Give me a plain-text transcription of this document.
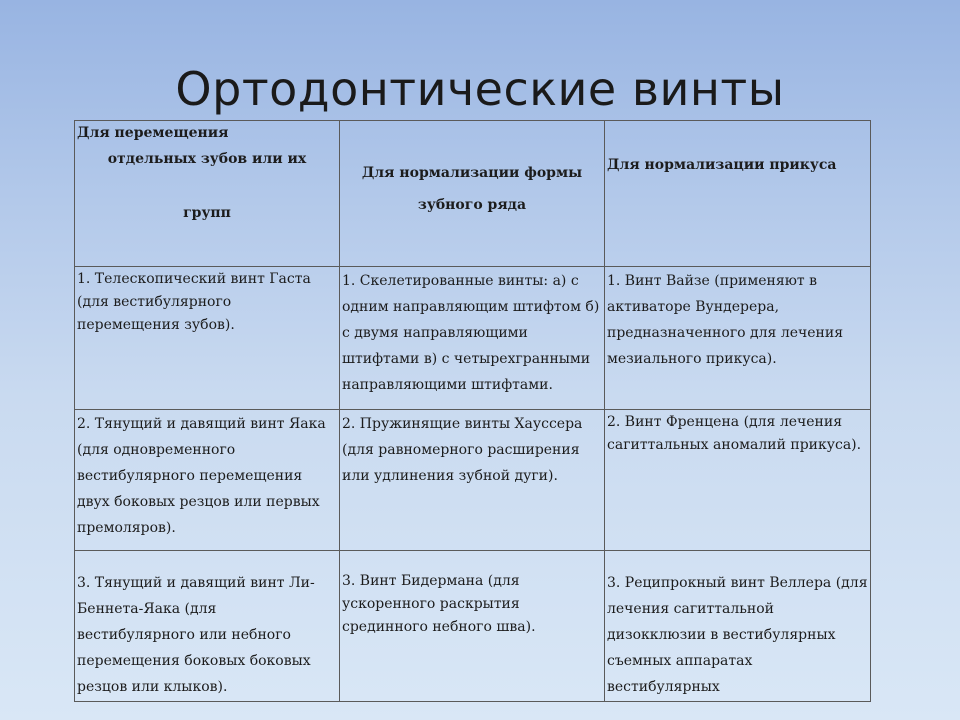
Ортодонтические винты
Для перемещения
отдельных зубов или их
групп	Для нормализации формы зубного ряда	Для нормализации прикуса

1. Телескопический винт Гаста (для вестибулярного перемещения зубов).	1. Скелетированные винты: а) с одним направляющим штифтом б) с двумя направляющими штифтами в) с четырехгранными направляющими штифтами.	1. Винт Вайзе (применяют в активаторе Вундерера, предназначенного для лечения мезиального прикуса).

2. Тянущий и давящий винт Яака (для одновременного вестибулярного перемещения двух боковых резцов или первых премоляров).	2. Пружинящие винты Хауссера (для равномерного расширения или удлинения зубной дуги).	2. Винт Френцена (для лечения сагиттальных аномалий прикуса).

3. Тянущий и давящий винт Ли-Беннета-Яака (для вестибулярного или небного перемещения боковых боковых резцов или клыков).	3. Винт Бидермана (для ускоренного раскрытия срединного небного шва).	3. Реципрокный винт Веллера (для лечения сагиттальной дизокклюзии в вестибулярных съемных аппаратах вестибулярных
